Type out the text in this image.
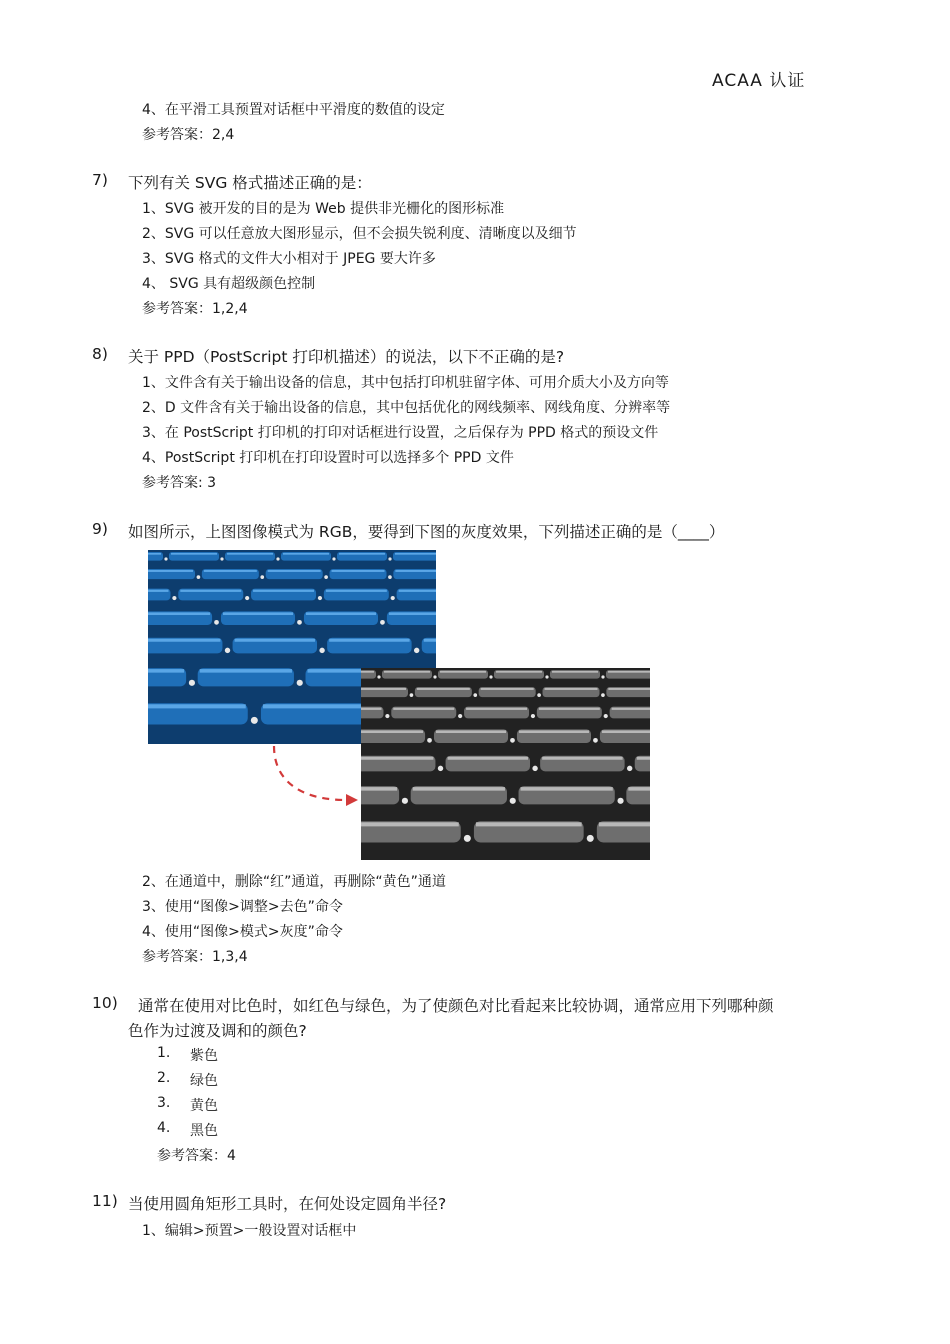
ACAA 认证
4、在平滑工具预置对话框中平滑度的数值的设定
参考答案：2,4
7) 下列有关 SVG 格式描述正确的是：
1、SVG 被开发的目的是为 Web 提供非光栅化的图形标准
2、SVG 可以任意放大图形显示，但不会损失锐利度、清晰度以及细节
3、SVG 格式的文件大小相对于 JPEG 要大许多
4、 SVG 具有超级颜色控制
参考答案：1,2,4
8) 关于 PPD（PostScript 打印机描述）的说法，以下不正确的是?
1、文件含有关于输出设备的信息，其中包括打印机驻留字体、可用介质大小及方向等
2、D 文件含有关于输出设备的信息，其中包括优化的网线频率、网线角度、分辨率等
3、在 PostScript 打印机的打印对话框进行设置，之后保存为 PPD 格式的预设文件
4、PostScript 打印机在打印设置时可以选择多个 PPD 文件
参考答案: 3
9) 如图所示，上图图像模式为 RGB，要得到下图的灰度效果，下列描述正确的是（____）
2、在通道中，删除“红”通道，再删除“黄色”通道
3、使用“图像>调整>去色”命令
4、使用“图像>模式>灰度”命令
参考答案：1,3,4
10) 通常在使用对比色时，如红色与绿色，为了使颜色对比看起来比较协调，通常应用下列哪种颜
色作为过渡及调和的颜色?
1. 紫色
2. 绿色
3. 黄色
4. 黑色
参考答案：4
11) 当使用圆角矩形工具时，在何处设定圆角半径?
1、编辑>预置>一般设置对话框中
